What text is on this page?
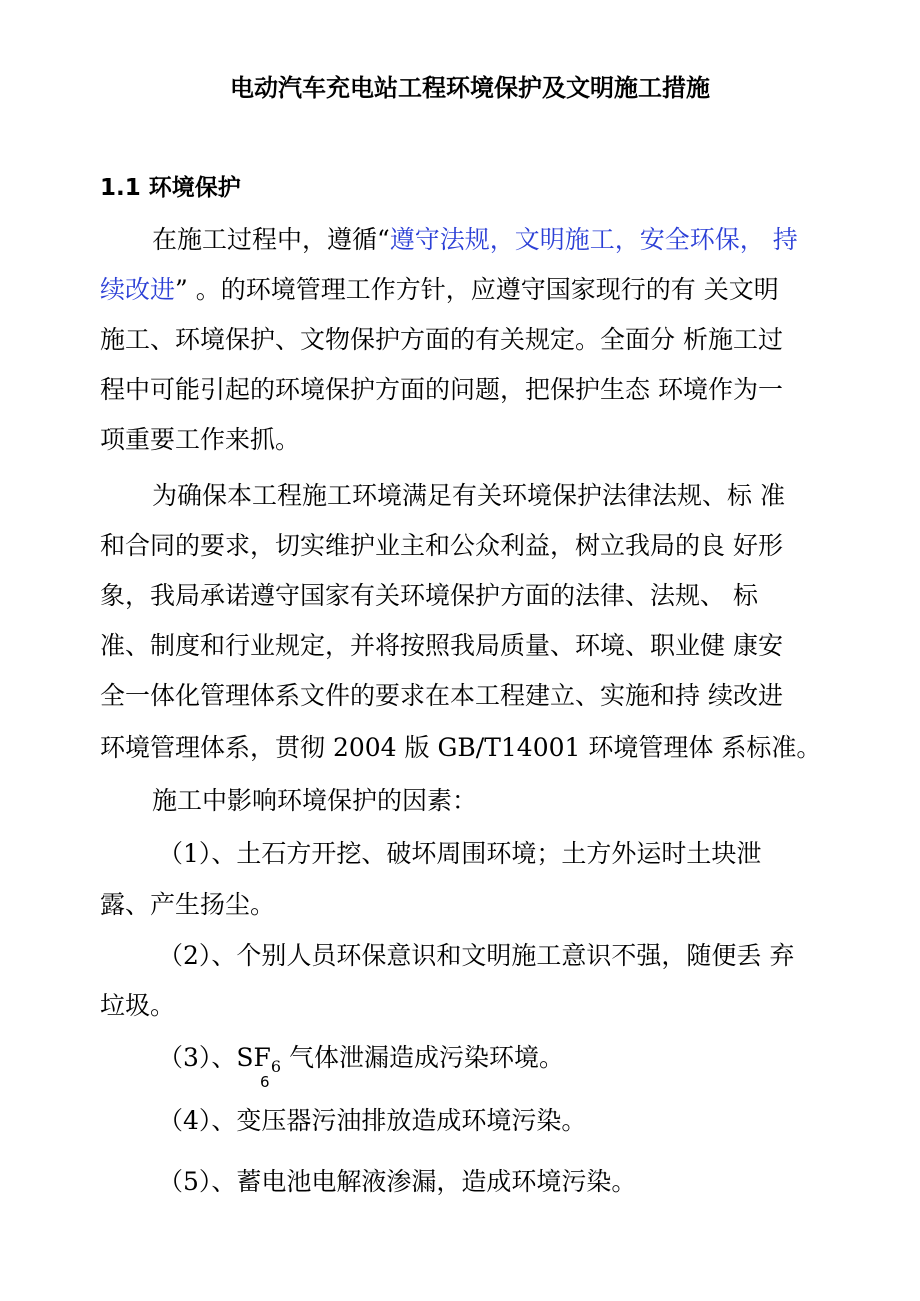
电动汽车充电站工程环境保护及文明施工措施
1.1 环境保护
在施工过程中，遵循“遵守法规，文明施工，安全环保， 持
续改进” 。的环境管理工作方针，应遵守国家现行的有 关文明
施工、环境保护、文物保护方面的有关规定。全面分 析施工过
程中可能引起的环境保护方面的问题，把保护生态 环境作为一
项重要工作来抓。
为确保本工程施工环境满足有关环境保护法律法规、标 准
和合同的要求，切实维护业主和公众利益，树立我局的良 好形
象，我局承诺遵守国家有关环境保护方面的法律、法规、 标
准、制度和行业规定，并将按照我局质量、环境、职业健 康安
全一体化管理体系文件的要求在本工程建立、实施和持 续改进
环境管理体系，贯彻 2004 版 GB/T14001 环境管理体 系标准。
施工中影响环境保护的因素：
（1）、土石方开挖、破坏周围环境；土方外运时土块泄
露、产生扬尘。
（2）、个别人员环保意识和文明施工意识不强，随便丢 弃
垃圾。
（3）、$SF_6$ 气体泄漏造成污染环境。
6
（4）、变压器污油排放造成环境污染。
（5）、蓄电池电解液渗漏，造成环境污染。
